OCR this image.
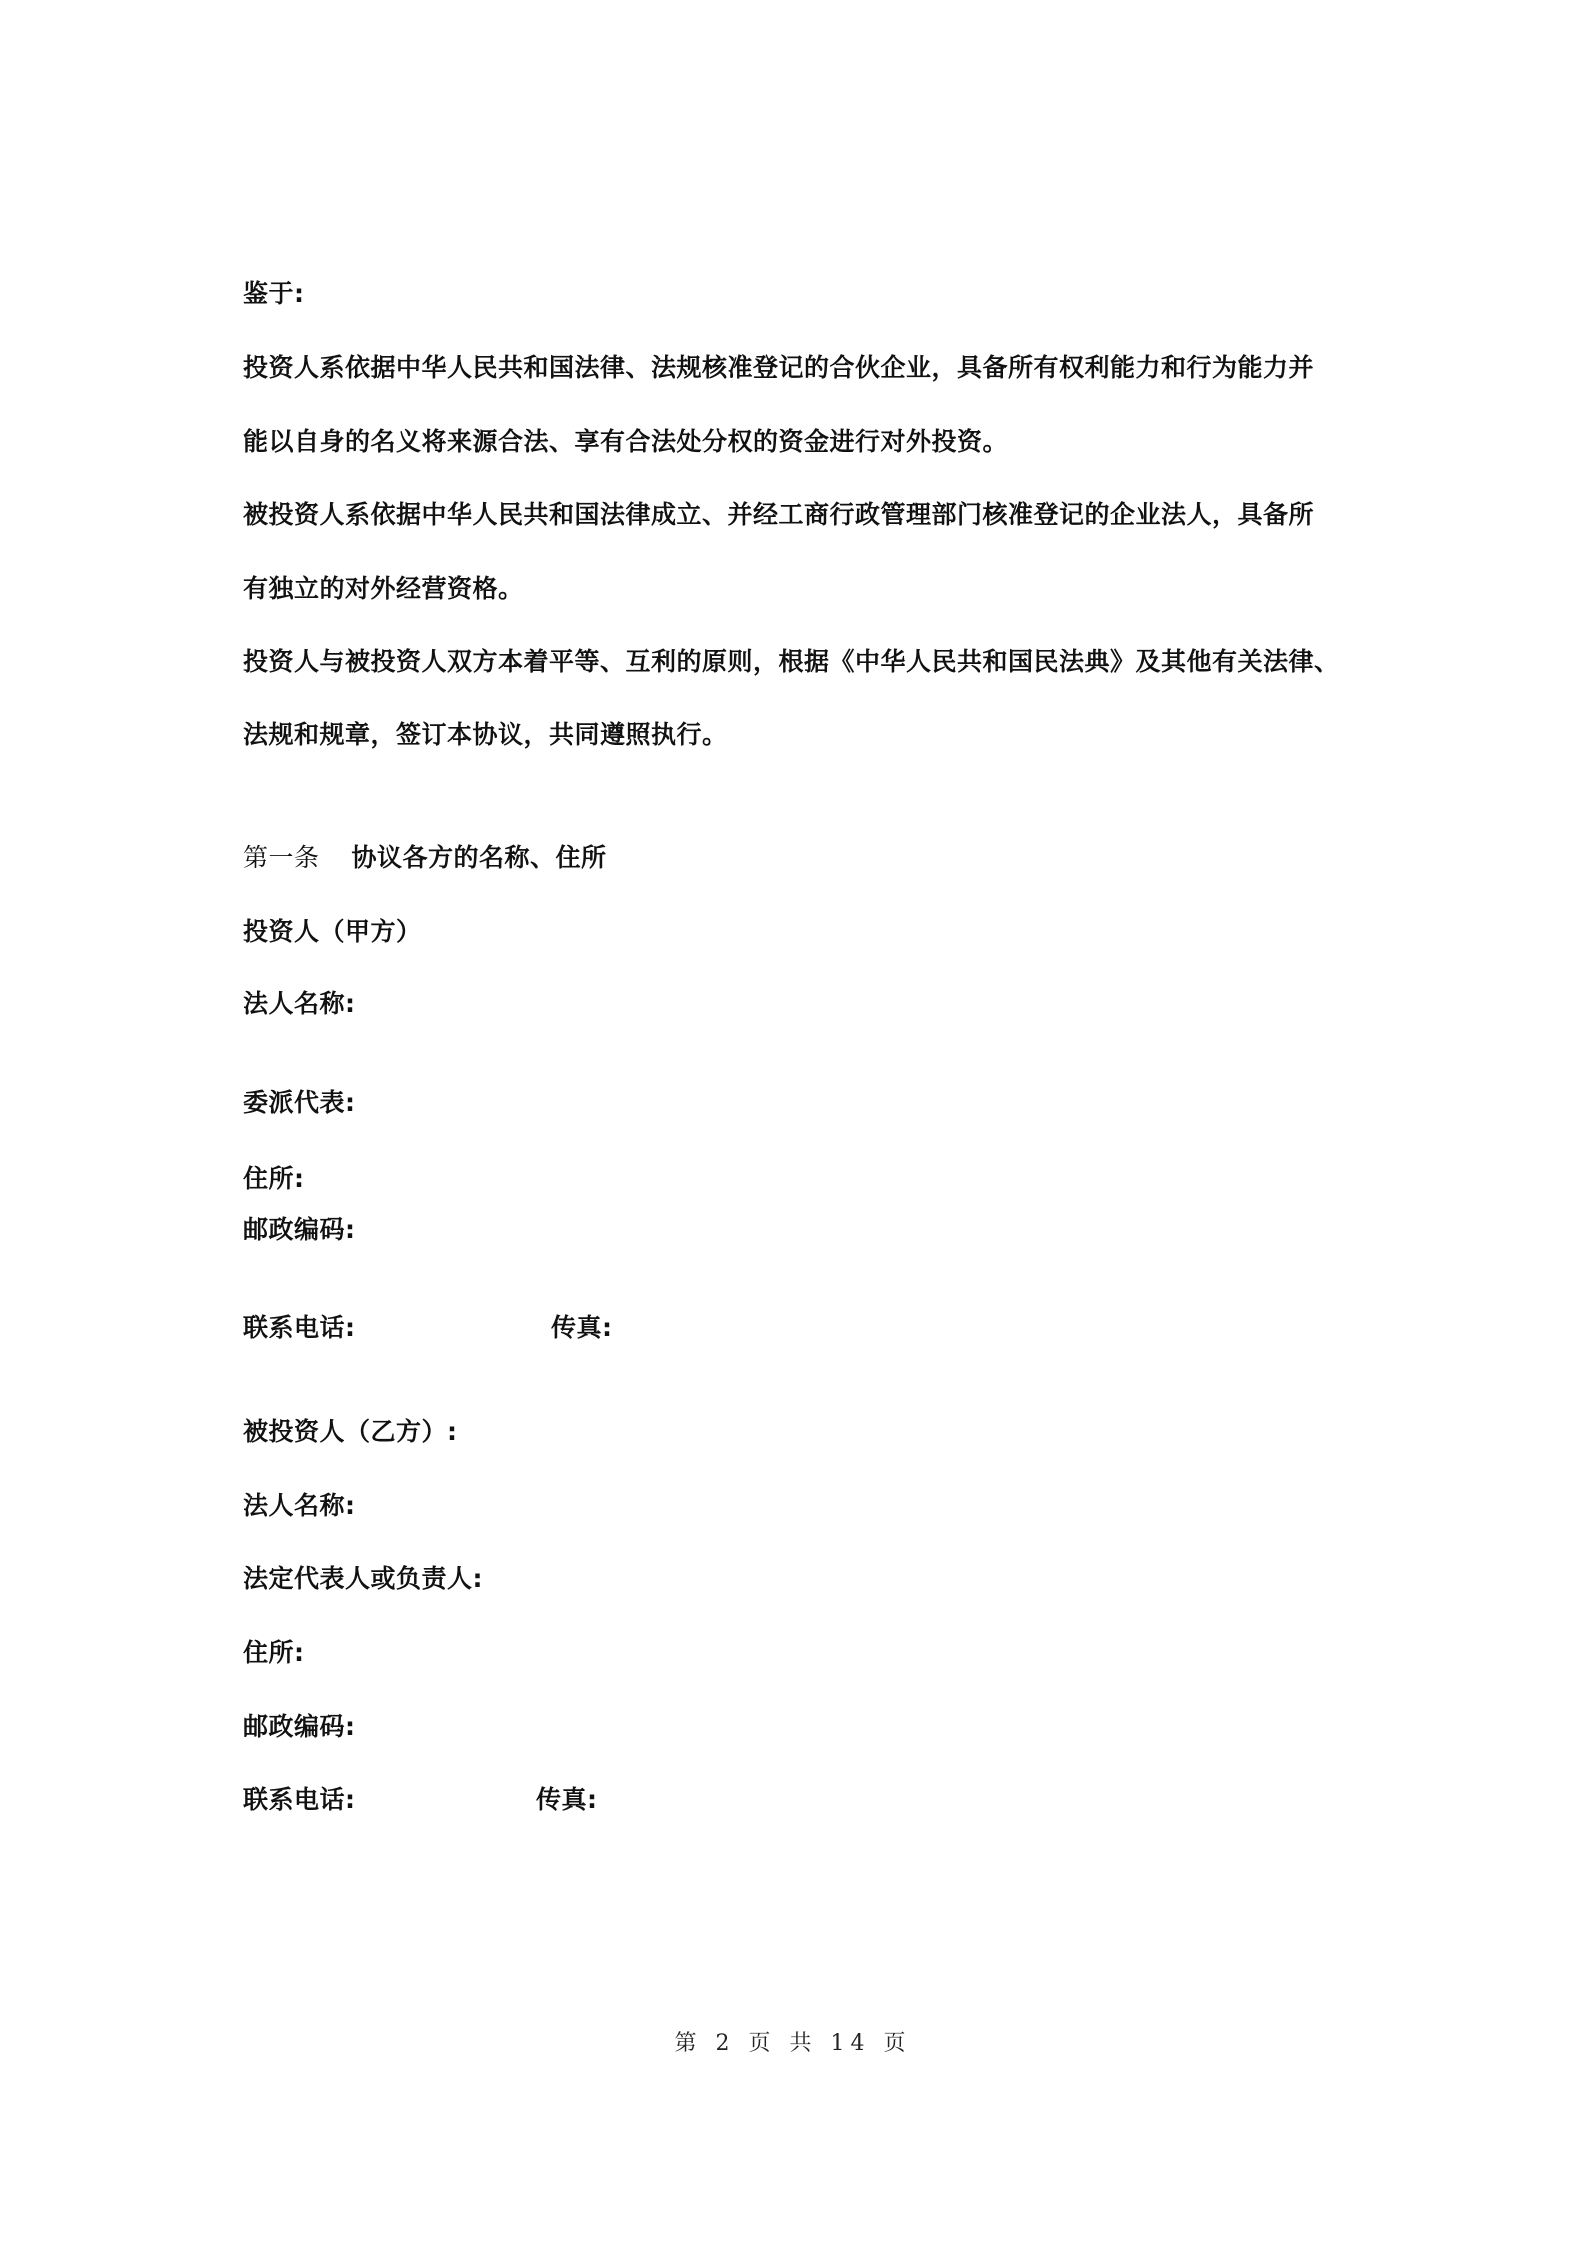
鉴于:
投资人系依据中华人民共和国法律、法规核准登记的合伙企业，具备所有权利能力和行为能力并
能以自身的名义将来源合法、享有合法处分权的资金进行对外投资。
被投资人系依据中华人民共和国法律成立、并经工商行政管理部门核准登记的企业法人，具备所
有独立的对外经营资格。
投资人与被投资人双方本着平等、互利的原则，根据《中华人民共和国民法典》及其他有关法律、
法规和规章，签订本协议，共同遵照执行。
第一条 协议各方的名称、住所
投资人（甲方）
法人名称:
委派代表:
住所:
邮政编码:
联系电话:	传真:
被投资人（乙方）:
法人名称:
法定代表人或负责人:
住所:
邮政编码:
联系电话:	传真:
第 2 页 共 14 页
